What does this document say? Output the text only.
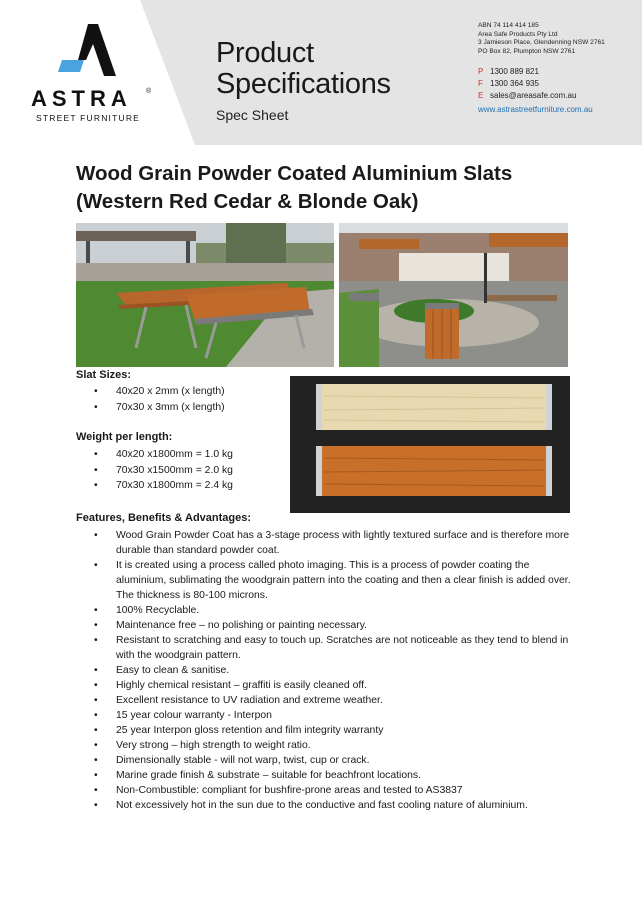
ASTRA ®
STREET FURNITURE
Product
Specifications
Spec Sheet
ABN 74 114 414 185
Area Safe Products Pty Ltd
3 Jamieson Place, Glendenning NSW 2761
PO Box 82, Plumpton NSW 2761
P 1300 889 821
F 1300 364 935
E sales@areasafe.com.au
www.astrastreetfurniture.com.au
Wood Grain Powder Coated Aluminium Slats
(Western Red Cedar & Blonde Oak)
Slat Sizes:
• 40x20 x 2mm (x length)
• 70x30 x 3mm (x length)
Weight per length:
• 40x20 x1800mm = 1.0 kg
• 70x30 x1500mm = 2.0 kg
• 70x30 x1800mm = 2.4 kg
Features, Benefits & Advantages:
• Wood Grain Powder Coat has a 3-stage process with lightly textured surface and is therefore more durable than standard powder coat.
• It is created using a process called photo imaging. This is a process of powder coating the aluminium, sublimating the woodgrain pattern into the coating and then a clear finish is added over. The thickness is 80-100 microns.
• 100% Recyclable.
• Maintenance free – no polishing or painting necessary.
• Resistant to scratching and easy to touch up. Scratches are not noticeable as they tend to blend in with the woodgrain pattern.
• Easy to clean & sanitise.
• Highly chemical resistant – graffiti is easily cleaned off.
• Excellent resistance to UV radiation and extreme weather.
• 15 year colour warranty - Interpon
• 25 year Interpon gloss retention and film integrity warranty
• Very strong – high strength to weight ratio.
• Dimensionally stable - will not warp, twist, cup or crack.
• Marine grade finish & substrate – suitable for beachfront locations.
• Non-Combustible: compliant for bushfire-prone areas and tested to AS3837
• Not excessively hot in the sun due to the conductive and fast cooling nature of aluminium.
